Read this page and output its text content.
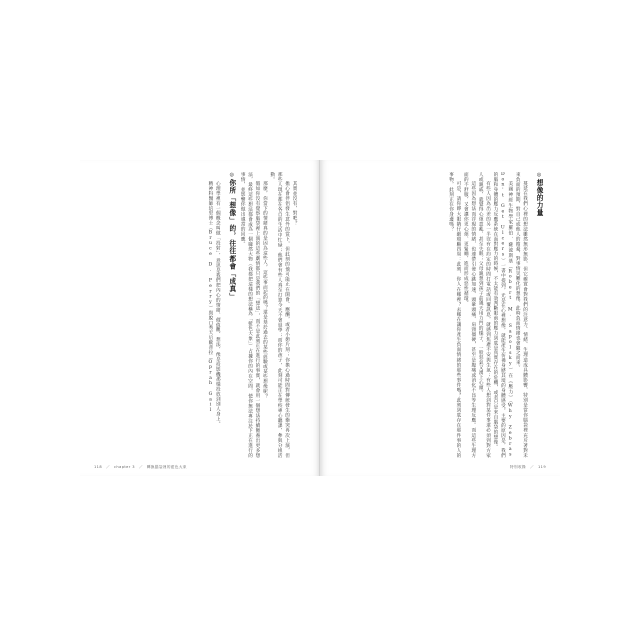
其實並沒有，對吧？

擔心會伴侶發生意外的當下，但此刻的他可能正在開會、應酬，或者小憩片刻；你擔心過時間對傳統發生的衝突再次上演，但那些人現在都在各自的生活中忙碌；他們會有些人真至打算今天不會退學；而你的孩子，此刻可能正在學校專心聽課，參與分組活動。

那麼，你當下的情緒真的是因為這些人，這些事而起的嗎？還是基於過去的某些經驗或某些想像呢？

假如你沒有覺察腦袋裡上演的這些劇情都只是我們的「想法」，而不是此刻正在進行的事實，就會用一個想法持續餵養出更多想法，最終這些想法都會成為一個龐然大物（我都把這樣的想法稱為「藍色大象」）占據你的內在空間，使你無法專注於下正在進行的事情，並影響你做出適當的回應。

◎你所「想像」的，往往都會「成真」

心理學裡有一個概念叫做「投射」，意思是我們把內心的情緒、價值觀、想法，像是投影機那樣投放到別人身上。

精神科醫師培里博士（Bruce D. Perry）與脫口秀天后歐普拉（Oprah Gail

118　／　chapter 3　／　轉換腦袋裡的藍色大象
◎想像的力量

蔓延在我們心裡的想法雖然無形無影，但它確實會對我們的注意力、情緒、生理造成具體影響，特別是當你腦袋裡充斥著對未來負面的預期，對自己或他人的擔憂，對事情災難化的想像，此時負面情緒也會隨之而來。

美國神經生物學家羅伯．薩波斯基（Robert M. Sapolsky）在《壓力》（Why Zebras Don't Get Ulcers）一書中提到，光是在心裡想像，就能產生仿彿身歷其境的身體感受。主要的原因是，我們的腦和身體的壓力反應系統在面對壓力的時候，不太能有效判斷眼前的壓力到底是真實存在的危機，或者只是來自腦袋的想像。

有些人因為出差的另一半沒有在約定的時間打電話或回覆訊息，就感到焦慮不安與生氣；有些人想到對某件事還必須到對方家人或親戚，就覺得心煩意亂、甚至失眠；父母親想到孩子前幾天用力門的樣子，一股怒氣又湧上心頭。

這些因為想法而浮現的情緒，也連帶引發心跳加速、頭暈頭痛、肩頸僵硬，甚至是腹痛或消化不良等生理反應。而這些生理方面的不舒服，又會讓你更心煩、更緊繃，進而形成惡性循環。

可是，請你睜大眼睛仔細環顧四周：此刻，你人在哪裡？去哪在讓你產生負面情緒的那些事件嗎？此刻到底存在那件事的人的事物，此刻正在你身邊嗎？

特別收錄　／　119
